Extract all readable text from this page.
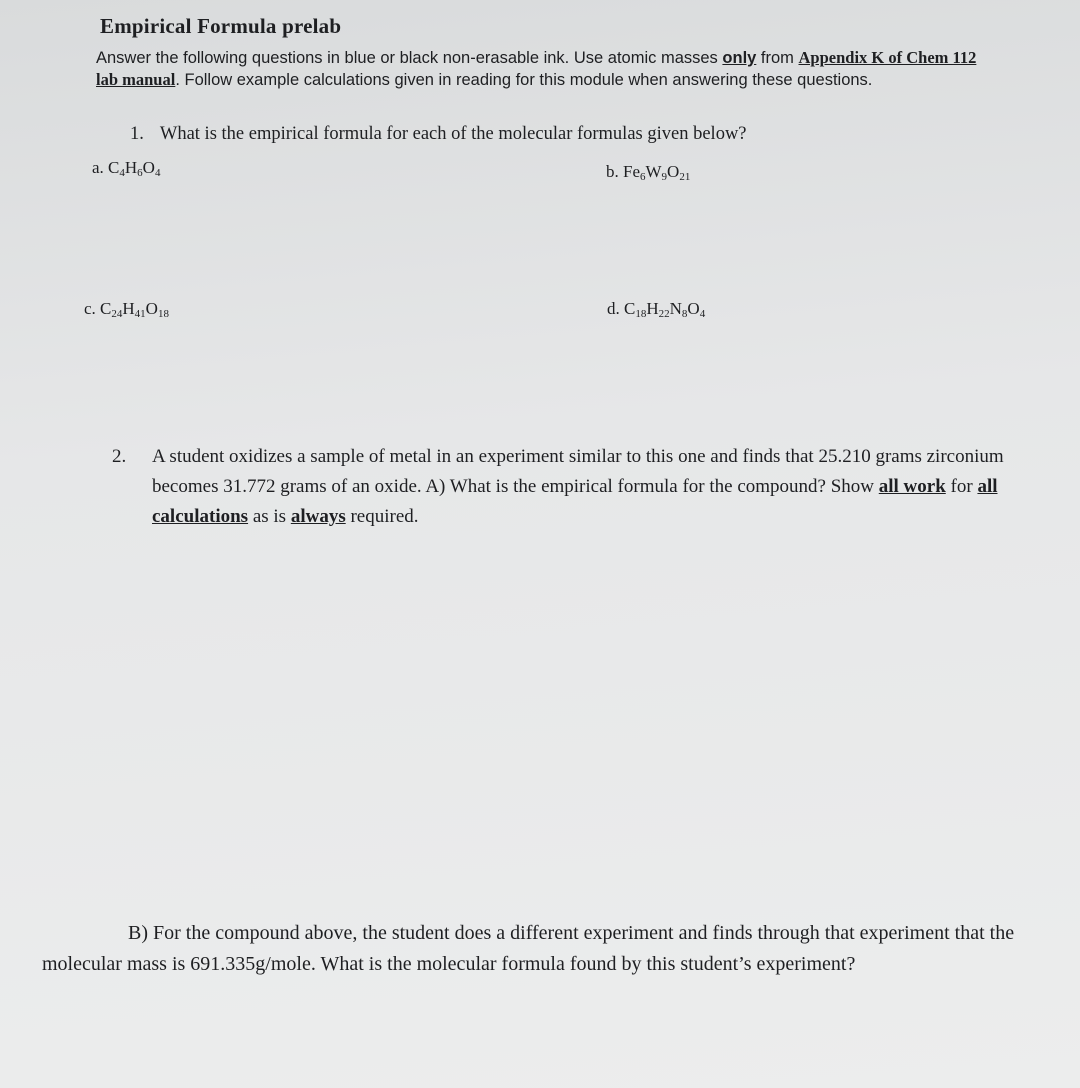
Empirical Formula prelab

Answer the following questions in blue or black non-erasable ink. Use atomic masses only from Appendix K of Chem 112 lab manual. Follow example calculations given in reading for this module when answering these questions.

1. What is the empirical formula for each of the molecular formulas given below?

a. $C_4H_6O_4$	b. $Fe_6W_9O_{21}$
c. $C_{24}H_{41}O_{18}$	d. $C_{18}H_{22}N_8O_4$
2.	A student oxidizes a sample of metal in an experiment similar to this one and finds that 25.210 grams zirconium becomes 31.772 grams of an oxide. A) What is the empirical formula for the compound? Show all work for all calculations as is always required.

B) For the compound above, the student does a different experiment and finds through that experiment that the molecular mass is 691.335g/mole. What is the molecular formula found by this student’s experiment?
